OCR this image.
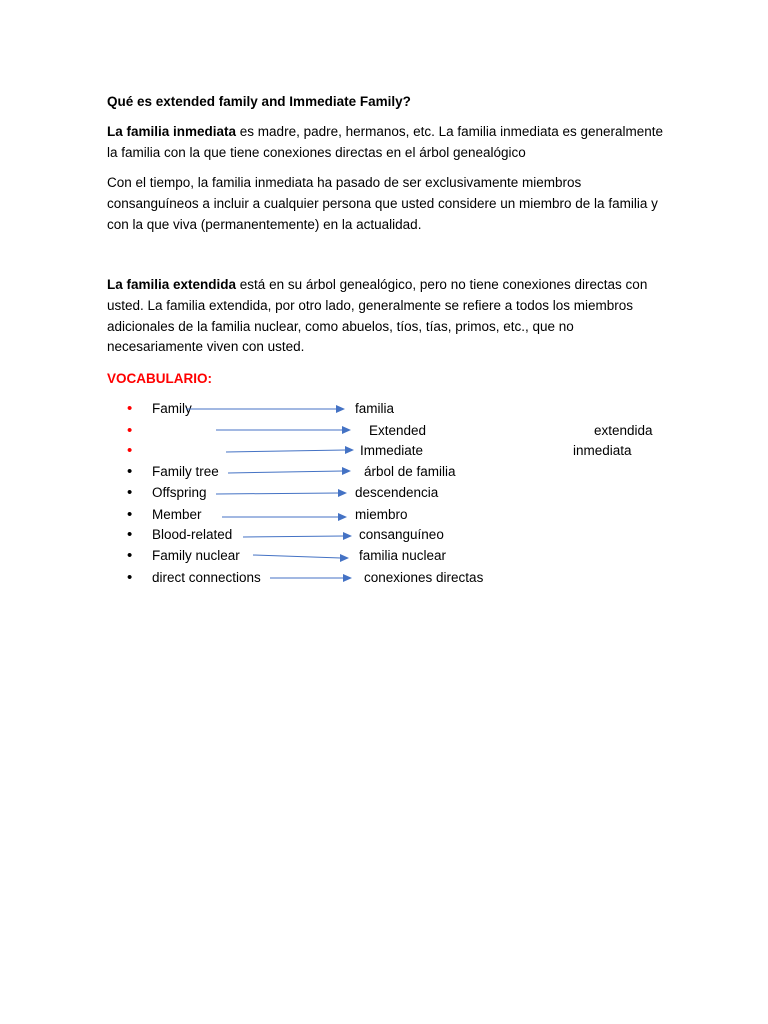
Qué es extended family and Immediate Family?
La familia inmediata es madre, padre, hermanos, etc. La familia inmediata es generalmente la familia con la que tiene conexiones directas en el árbol genealógico
Con el tiempo, la familia inmediata ha pasado de ser exclusivamente miembros consanguíneos a incluir a cualquier persona que usted considere un miembro de la familia y con la que viva (permanentemente) en la actualidad.
La familia extendida está en su árbol genealógico, pero no tiene conexiones directas con usted. La familia extendida, por otro lado, generalmente se refiere a todos los miembros adicionales de la familia nuclear, como abuelos, tíos, tías, primos, etc., que no necesariamente viven con usted.
VOCABULARIO:
• Family	familia
•	Extended	extendida
•	Immediate	inmediata
• Family tree	árbol de familia
• Offspring	descendencia
• Member	miembro
• Blood-related	consanguíneo
• Family nuclear	familia nuclear
• direct connections	conexiones directas
